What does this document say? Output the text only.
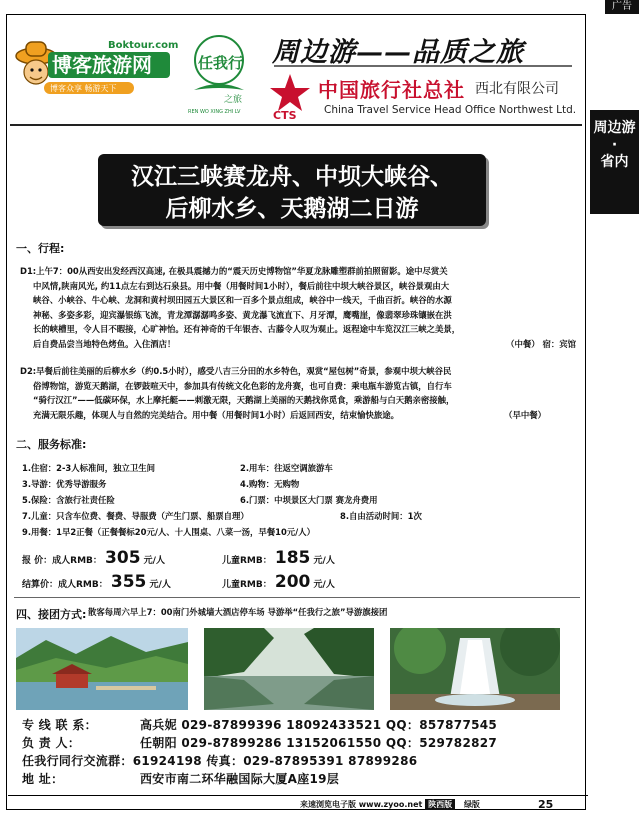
广告
博客旅游网
Boktour.com
博客众享 畅游天下
任我行
之旅
REN WO XING ZHI LV
周边游——品质之旅
CTS
中国旅行社总社 西北有限公司
China Travel Service Head Office Northwest Ltd.
周边游
·
省内
汉江三峡赛龙舟、中坝大峡谷、
后柳水乡、天鹅湖二日游
一、行程:
D1:上午7：00从西安出发经西汉高速, 在极具震撼力的“震天历史博物馆”华夏龙脉雕塑群前拍照留影。途中尽赏关
中风情,陕南风光, 约11点左右到达石泉县。用中餐（用餐时间1小时），餐后前往中坝大峡谷景区，峡谷景观由大
峡谷、小峡谷、牛心峡、龙洞和黄村坝田园五大景区和一百多个景点组成，峡谷中一线天，千曲百折。峡谷的水源
神秘、多姿多彩，迎宾瀑银练飞流，青龙潭潺潺鸣多姿、黄龙瀑飞流直下、月牙潭，鹰嘴崖，像翡翠珍珠镶嵌在洪
长的峡槽里，令人目不暇接，心旷神怡。还有神奇的千年银杏、古藤令人叹为观止。返程途中车览汉江三峡之美景，
后自费品尝当地特色烤鱼。入住酒店！	（中餐） 宿：宾馆
D2:早餐后前往美丽的后柳水乡（约0.5小时），感受八吉三分田的水乡特色，观赏“屋包树”奇景，参观中坝大峡谷民
俗博物馆，游览天鹅湖，在锣鼓喧天中，参加具有传统文化色彩的龙舟赛，也可自费：乘电瓶车游览古镇，自行车
“骑行汉江”——低碳环保，水上摩托艇——刺激无限，天鹅湖上美丽的天鹅找你觅食，乘游船与白天鹅亲密接触，
充满无限乐趣，体现人与自然的完美结合。用中餐（用餐时间1小时）后返回西安，结束愉快旅途。	（早中餐）
二、服务标准:
1.住宿：2-3人标准间，独立卫生间	2.用车：往返空调旅游车
3.导游：优秀导游服务	4.购物：无购物
5.保险：含旅行社责任险	6.门票：中坝景区大门票 赛龙舟费用
7.儿童：只含车位费、餐费、导服费（产生门票、船票自理）	8.自由活动时间：1次
9.用餐：1早2正餐（正餐餐标20元/人、十人围桌、八菜一汤，早餐10元/人）
报 价：成人RMB： 305 元/人	儿童RMB： 185 元/人
结算价：成人RMB： 355 元/人	儿童RMB： 200 元/人
四、接团方式: 散客每周六早上7：00南门外城墙大酒店停车场 导游举“任我行之旅”导游旗接团
专 线 联 系：	高兵妮 029-87899396 18092433521 QQ：857877545
负 责 人：	任朝阳 029-87899286 13152061550 QQ：529782827
任我行同行交流群：61924198 传真：029-87895391 87899286
地 址：	西安市南二环华融国际大厦A座19层
来速浏览电子版 www.zyoo.net 陕西版 绿版	25
